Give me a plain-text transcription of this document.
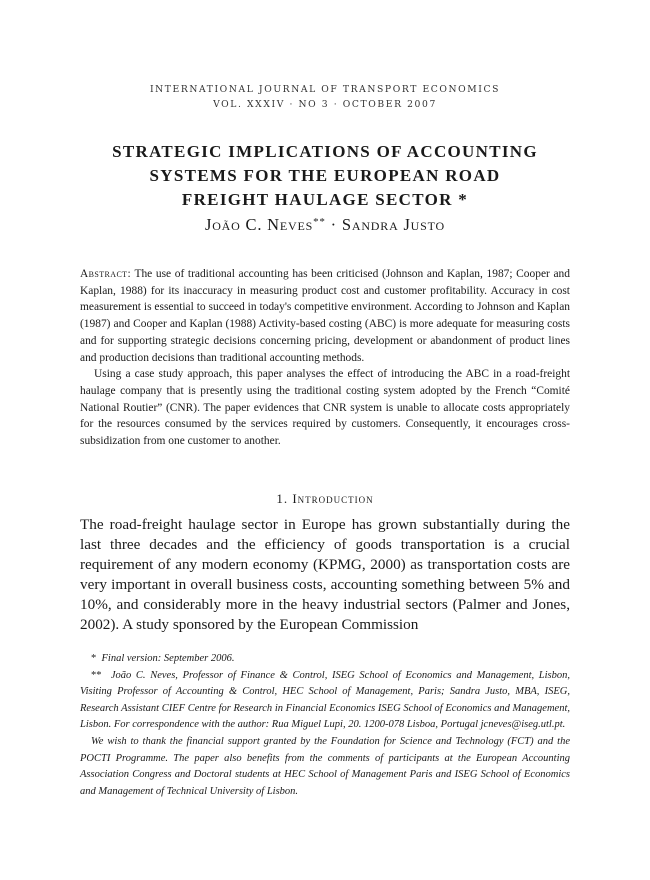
INTERNATIONAL JOURNAL OF TRANSPORT ECONOMICS
VOL. XXXIV · NO 3 · OCTOBER 2007
STRATEGIC IMPLICATIONS OF ACCOUNTING
SYSTEMS FOR THE EUROPEAN ROAD
FREIGHT HAULAGE SECTOR *
João C. Neves** · Sandra Justo

Abstract: The use of traditional accounting has been criticised (Johnson and Kaplan, 1987; Cooper and Kaplan, 1988) for its inaccuracy in measuring product cost and customer profitability. Accuracy in cost measurement is essential to succeed in today's competitive environment. According to Johnson and Kaplan (1987) and Cooper and Kaplan (1988) Activity-based costing (ABC) is more adequate for measuring costs and for supporting strategic decisions concerning pricing, development or abandonment of product lines and production decisions than traditional accounting methods.

Using a case study approach, this paper analyses the effect of introducing the ABC in a road-freight haulage company that is presently using the traditional costing system adopted by the French “Comité National Routier” (CNR). The paper evidences that CNR system is unable to allocate costs appropriately for the resources consumed by the services required by customers. Consequently, it encourages cross-subsidization from one customer to another.

1. Introduction

The road-freight haulage sector in Europe has grown substantially during the last three decades and the efficiency of goods transportation is a crucial requirement of any modern economy (KPMG, 2000) as transportation costs are very important in overall business costs, accounting something between 5% and 10%, and considerably more in the heavy industrial sectors (Palmer and Jones, 2002). A study sponsored by the European Commission

* Final version: September 2006.

** João C. Neves, Professor of Finance & Control, ISEG School of Economics and Management, Lisbon, Visiting Professor of Accounting & Control, HEC School of Management, Paris; Sandra Justo, MBA, ISEG, Research Assistant CIEF Centre for Research in Financial Economics ISEG School of Economics and Management, Lisbon. For correspondence with the author: Rua Miguel Lupi, 20. 1200-078 Lisboa, Portugal jcneves@iseg.utl.pt.

We wish to thank the financial support granted by the Foundation for Science and Technology (FCT) and the POCTI Programme. The paper also benefits from the comments of participants at the European Accounting Association Congress and Doctoral students at HEC School of Management Paris and ISEG School of Economics and Management of Technical University of Lisbon.
